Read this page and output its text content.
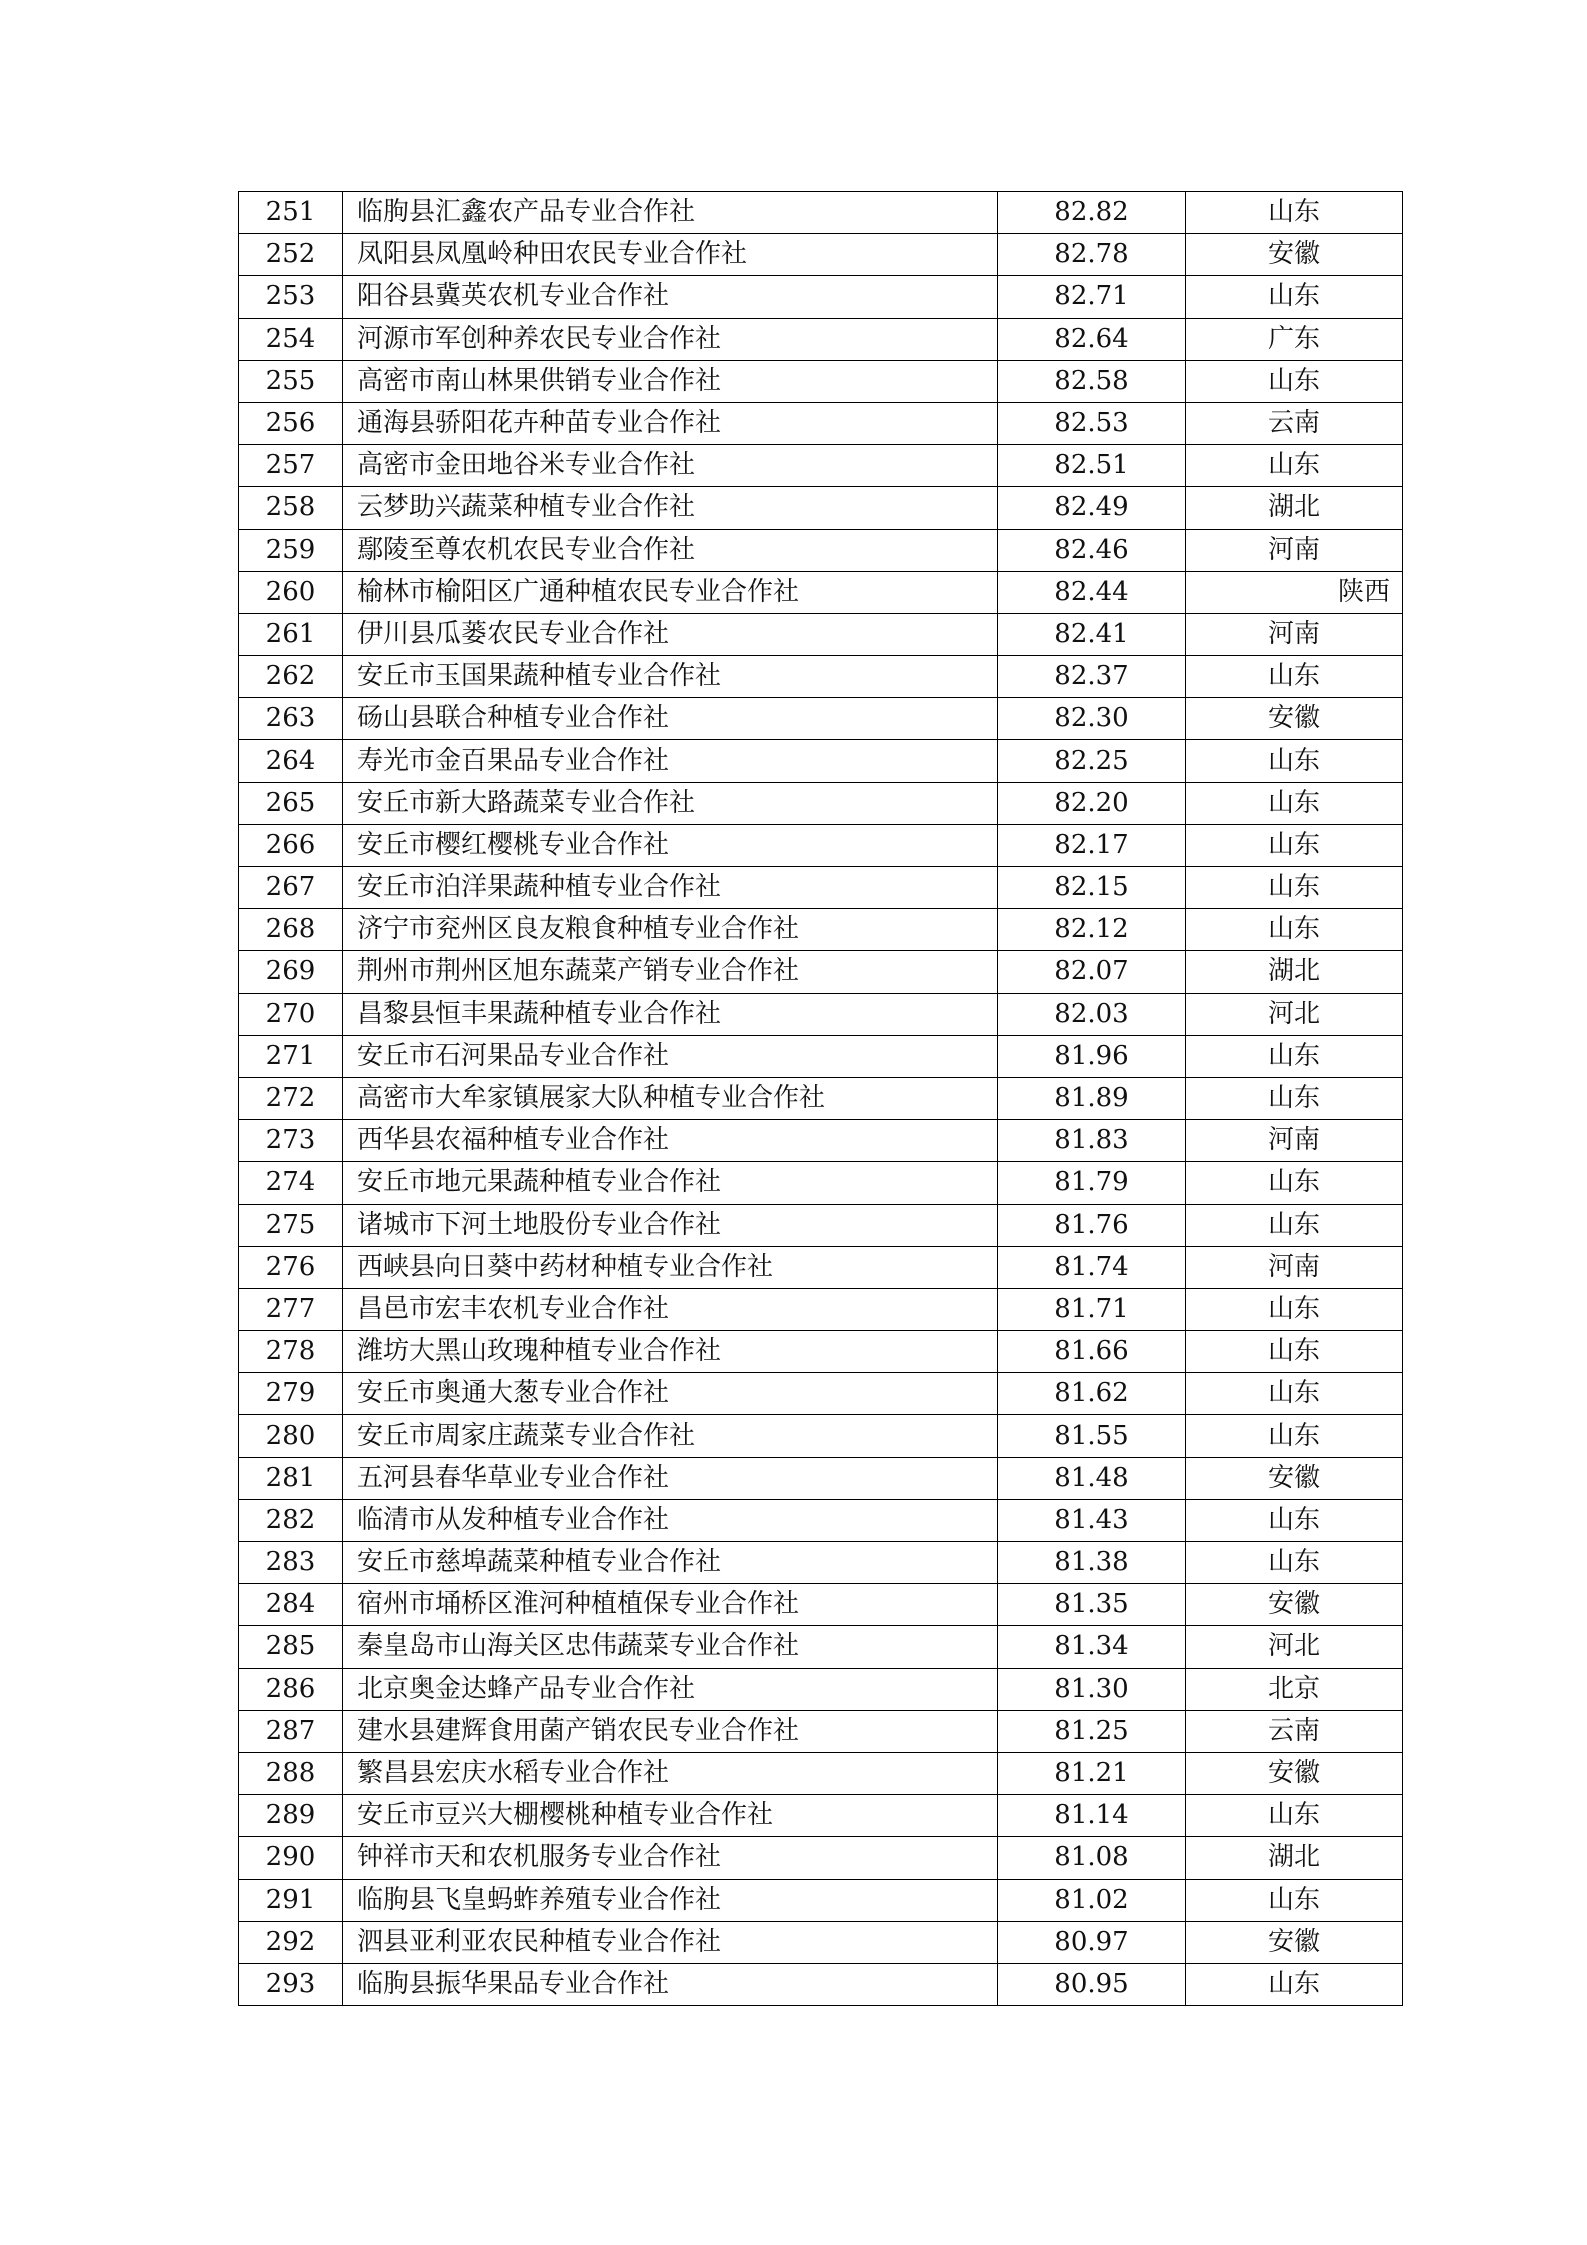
251	临朐县汇鑫农产品专业合作社	82.82	山东
252	凤阳县凤凰岭种田农民专业合作社	82.78	安徽
253	阳谷县冀英农机专业合作社	82.71	山东
254	河源市军创种养农民专业合作社	82.64	广东
255	高密市南山林果供销专业合作社	82.58	山东
256	通海县骄阳花卉种苗专业合作社	82.53	云南
257	高密市金田地谷米专业合作社	82.51	山东
258	云梦助兴蔬菜种植专业合作社	82.49	湖北
259	鄢陵至尊农机农民专业合作社	82.46	河南
260	榆林市榆阳区广通种植农民专业合作社	82.44	陕西
261	伊川县瓜蒌农民专业合作社	82.41	河南
262	安丘市玉国果蔬种植专业合作社	82.37	山东
263	砀山县联合种植专业合作社	82.30	安徽
264	寿光市金百果品专业合作社	82.25	山东
265	安丘市新大路蔬菜专业合作社	82.20	山东
266	安丘市樱红樱桃专业合作社	82.17	山东
267	安丘市泊洋果蔬种植专业合作社	82.15	山东
268	济宁市兖州区良友粮食种植专业合作社	82.12	山东
269	荆州市荆州区旭东蔬菜产销专业合作社	82.07	湖北
270	昌黎县恒丰果蔬种植专业合作社	82.03	河北
271	安丘市石河果品专业合作社	81.96	山东
272	高密市大牟家镇展家大队种植专业合作社	81.89	山东
273	西华县农福种植专业合作社	81.83	河南
274	安丘市地元果蔬种植专业合作社	81.79	山东
275	诸城市下河土地股份专业合作社	81.76	山东
276	西峡县向日葵中药材种植专业合作社	81.74	河南
277	昌邑市宏丰农机专业合作社	81.71	山东
278	潍坊大黑山玫瑰种植专业合作社	81.66	山东
279	安丘市奥通大葱专业合作社	81.62	山东
280	安丘市周家庄蔬菜专业合作社	81.55	山东
281	五河县春华草业专业合作社	81.48	安徽
282	临清市从发种植专业合作社	81.43	山东
283	安丘市慈埠蔬菜种植专业合作社	81.38	山东
284	宿州市埇桥区淮河种植植保专业合作社	81.35	安徽
285	秦皇岛市山海关区忠伟蔬菜专业合作社	81.34	河北
286	北京奥金达蜂产品专业合作社	81.30	北京
287	建水县建辉食用菌产销农民专业合作社	81.25	云南
288	繁昌县宏庆水稻专业合作社	81.21	安徽
289	安丘市豆兴大棚樱桃种植专业合作社	81.14	山东
290	钟祥市天和农机服务专业合作社	81.08	湖北
291	临朐县飞皇蚂蚱养殖专业合作社	81.02	山东
292	泗县亚利亚农民种植专业合作社	80.97	安徽
293	临朐县振华果品专业合作社	80.95	山东
